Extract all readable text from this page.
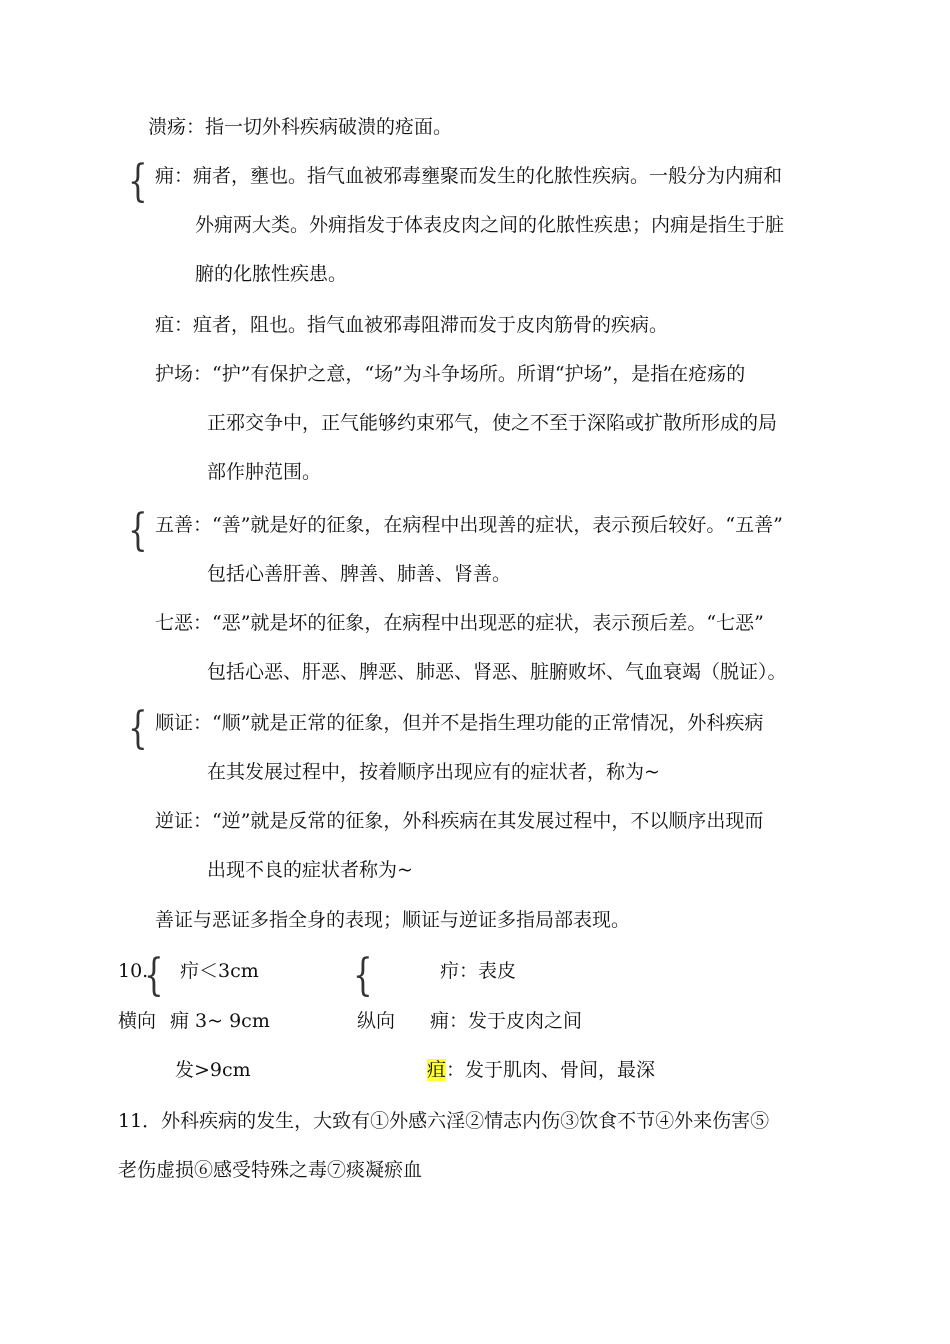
溃疡：指一切外科疾病破溃的疮面。
{ 痈：痈者，壅也。指气血被邪毒壅聚而发生的化脓性疾病。一般分为内痈和
外痈两大类。外痈指发于体表皮肉之间的化脓性疾患；内痈是指生于脏
腑的化脓性疾患。
疽：疽者，阻也。指气血被邪毒阻滞而发于皮肉筋骨的疾病。
护场：“护”有保护之意，“场”为斗争场所。所谓“护场”，是指在疮疡的
正邪交争中，正气能够约束邪气，使之不至于深陷或扩散所形成的局
部作肿范围。
{ 五善：“善”就是好的征象，在病程中出现善的症状，表示预后较好。“五善”
包括心善肝善、脾善、肺善、肾善。
七恶：“恶”就是坏的征象，在病程中出现恶的症状，表示预后差。“七恶”
包括心恶、肝恶、脾恶、肺恶、肾恶、脏腑败坏、气血衰竭（脱证）。
{ 顺证：“顺”就是正常的征象，但并不是指生理功能的正常情况，外科疾病
在其发展过程中，按着顺序出现应有的症状者，称为~
逆证：“逆”就是反常的征象，外科疾病在其发展过程中，不以顺序出现而
出现不良的症状者称为~
善证与恶证多指全身的表现；顺证与逆证多指局部表现。
10.
{ 疖＜3cm {	疖：表皮
横向 痈 3~ 9cm	纵向 痈：发于皮肉之间
发>9cm	疽：发于肌肉、骨间，最深
11．外科疾病的发生，大致有①外感六淫②情志内伤③饮食不节④外来伤害⑤
老伤虚损⑥感受特殊之毒⑦痰凝瘀血
